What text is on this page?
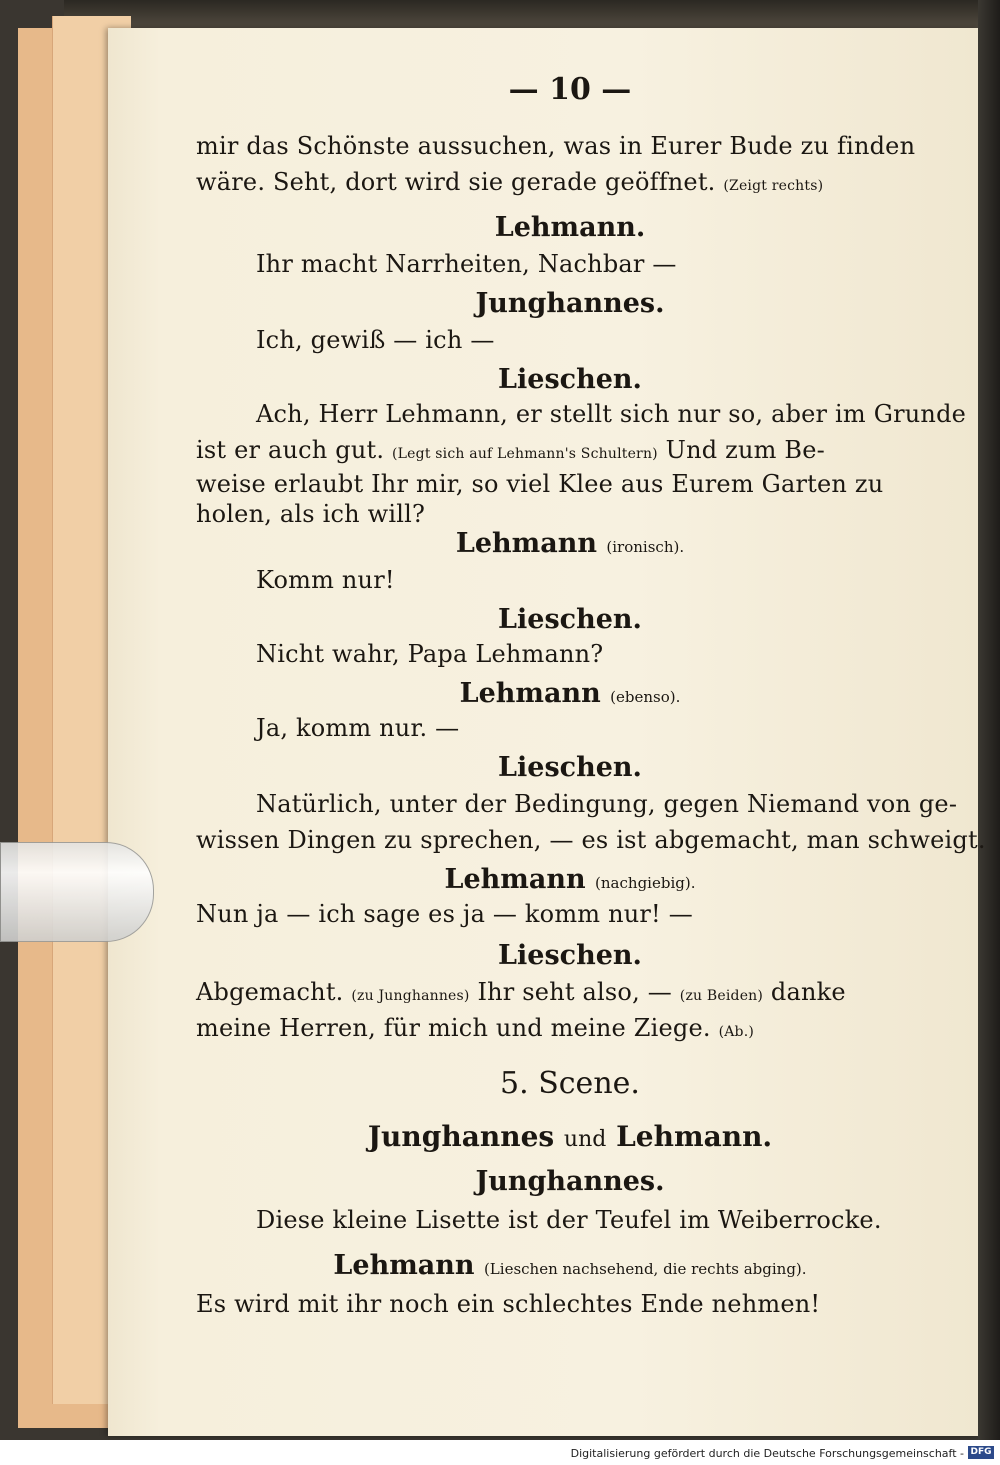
— 10 —
mir das Schönste aussuchen, was in Eurer Bude zu finden
wäre. Seht, dort wird sie gerade geöffnet. (Zeigt rechts)
Lehmann.
Ihr macht Narrheiten, Nachbar —
Junghannes.
Ich, gewiß — ich —
Lieschen.
Ach, Herr Lehmann, er stellt sich nur so, aber im Grunde
ist er auch gut. (Legt sich auf Lehmann's Schultern) Und zum Be-
weise erlaubt Ihr mir, so viel Klee aus Eurem Garten zu
holen, als ich will?
Lehmann (ironisch).
Komm nur!
Lieschen.
Nicht wahr, Papa Lehmann?
Lehmann (ebenso).
Ja, komm nur. —
Lieschen.
Natürlich, unter der Bedingung, gegen Niemand von ge-
wissen Dingen zu sprechen, — es ist abgemacht, man schweigt.
Lehmann (nachgiebig).
Nun ja — ich sage es ja — komm nur! —
Lieschen.
Abgemacht. (zu Junghannes) Ihr seht also, — (zu Beiden) danke
meine Herren, für mich und meine Ziege. (Ab.)
5. Scene.
Junghannes und Lehmann.
Junghannes.
Diese kleine Lisette ist der Teufel im Weiberrocke.
Lehmann (Lieschen nachsehend, die rechts abging).
Es wird mit ihr noch ein schlechtes Ende nehmen!
Digitalisierung gefördert durch die Deutsche Forschungsgemeinschaft - DFG
